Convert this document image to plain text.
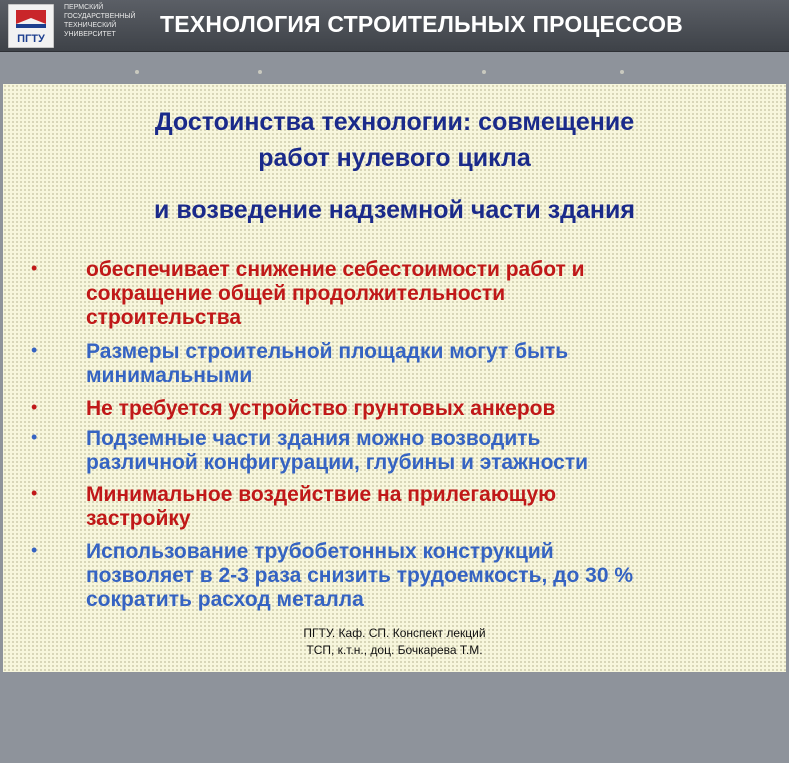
ПГТУ
ПЕРМСКИЙ
ГОСУДАРСТВЕННЫЙ
ТЕХНИЧЕСКИЙ
УНИВЕРСИТЕТ	ТЕХНОЛОГИЯ СТРОИТЕЛЬНЫХ ПРОЦЕССОВ
Достоинства технологии: совмещение
работ нулевого цикла
и возведение надземной части здания
• обеспечивает снижение себестоимости работ и
сокращение общей продолжительности
строительства
• Размеры строительной площадки могут быть
минимальными
• Не требуется устройство грунтовых анкеров
• Подземные части здания можно возводить
различной конфигурации, глубины и этажности
• Минимальное воздействие на прилегающую
застройку
• Использование трубобетонных конструкций
позволяет в 2-3 раза снизить трудоемкость, до 30 %
сократить расход металла
ПГТУ. Каф. СП. Конспект лекций
ТСП, к.т.н., доц. Бочкарева Т.М.
